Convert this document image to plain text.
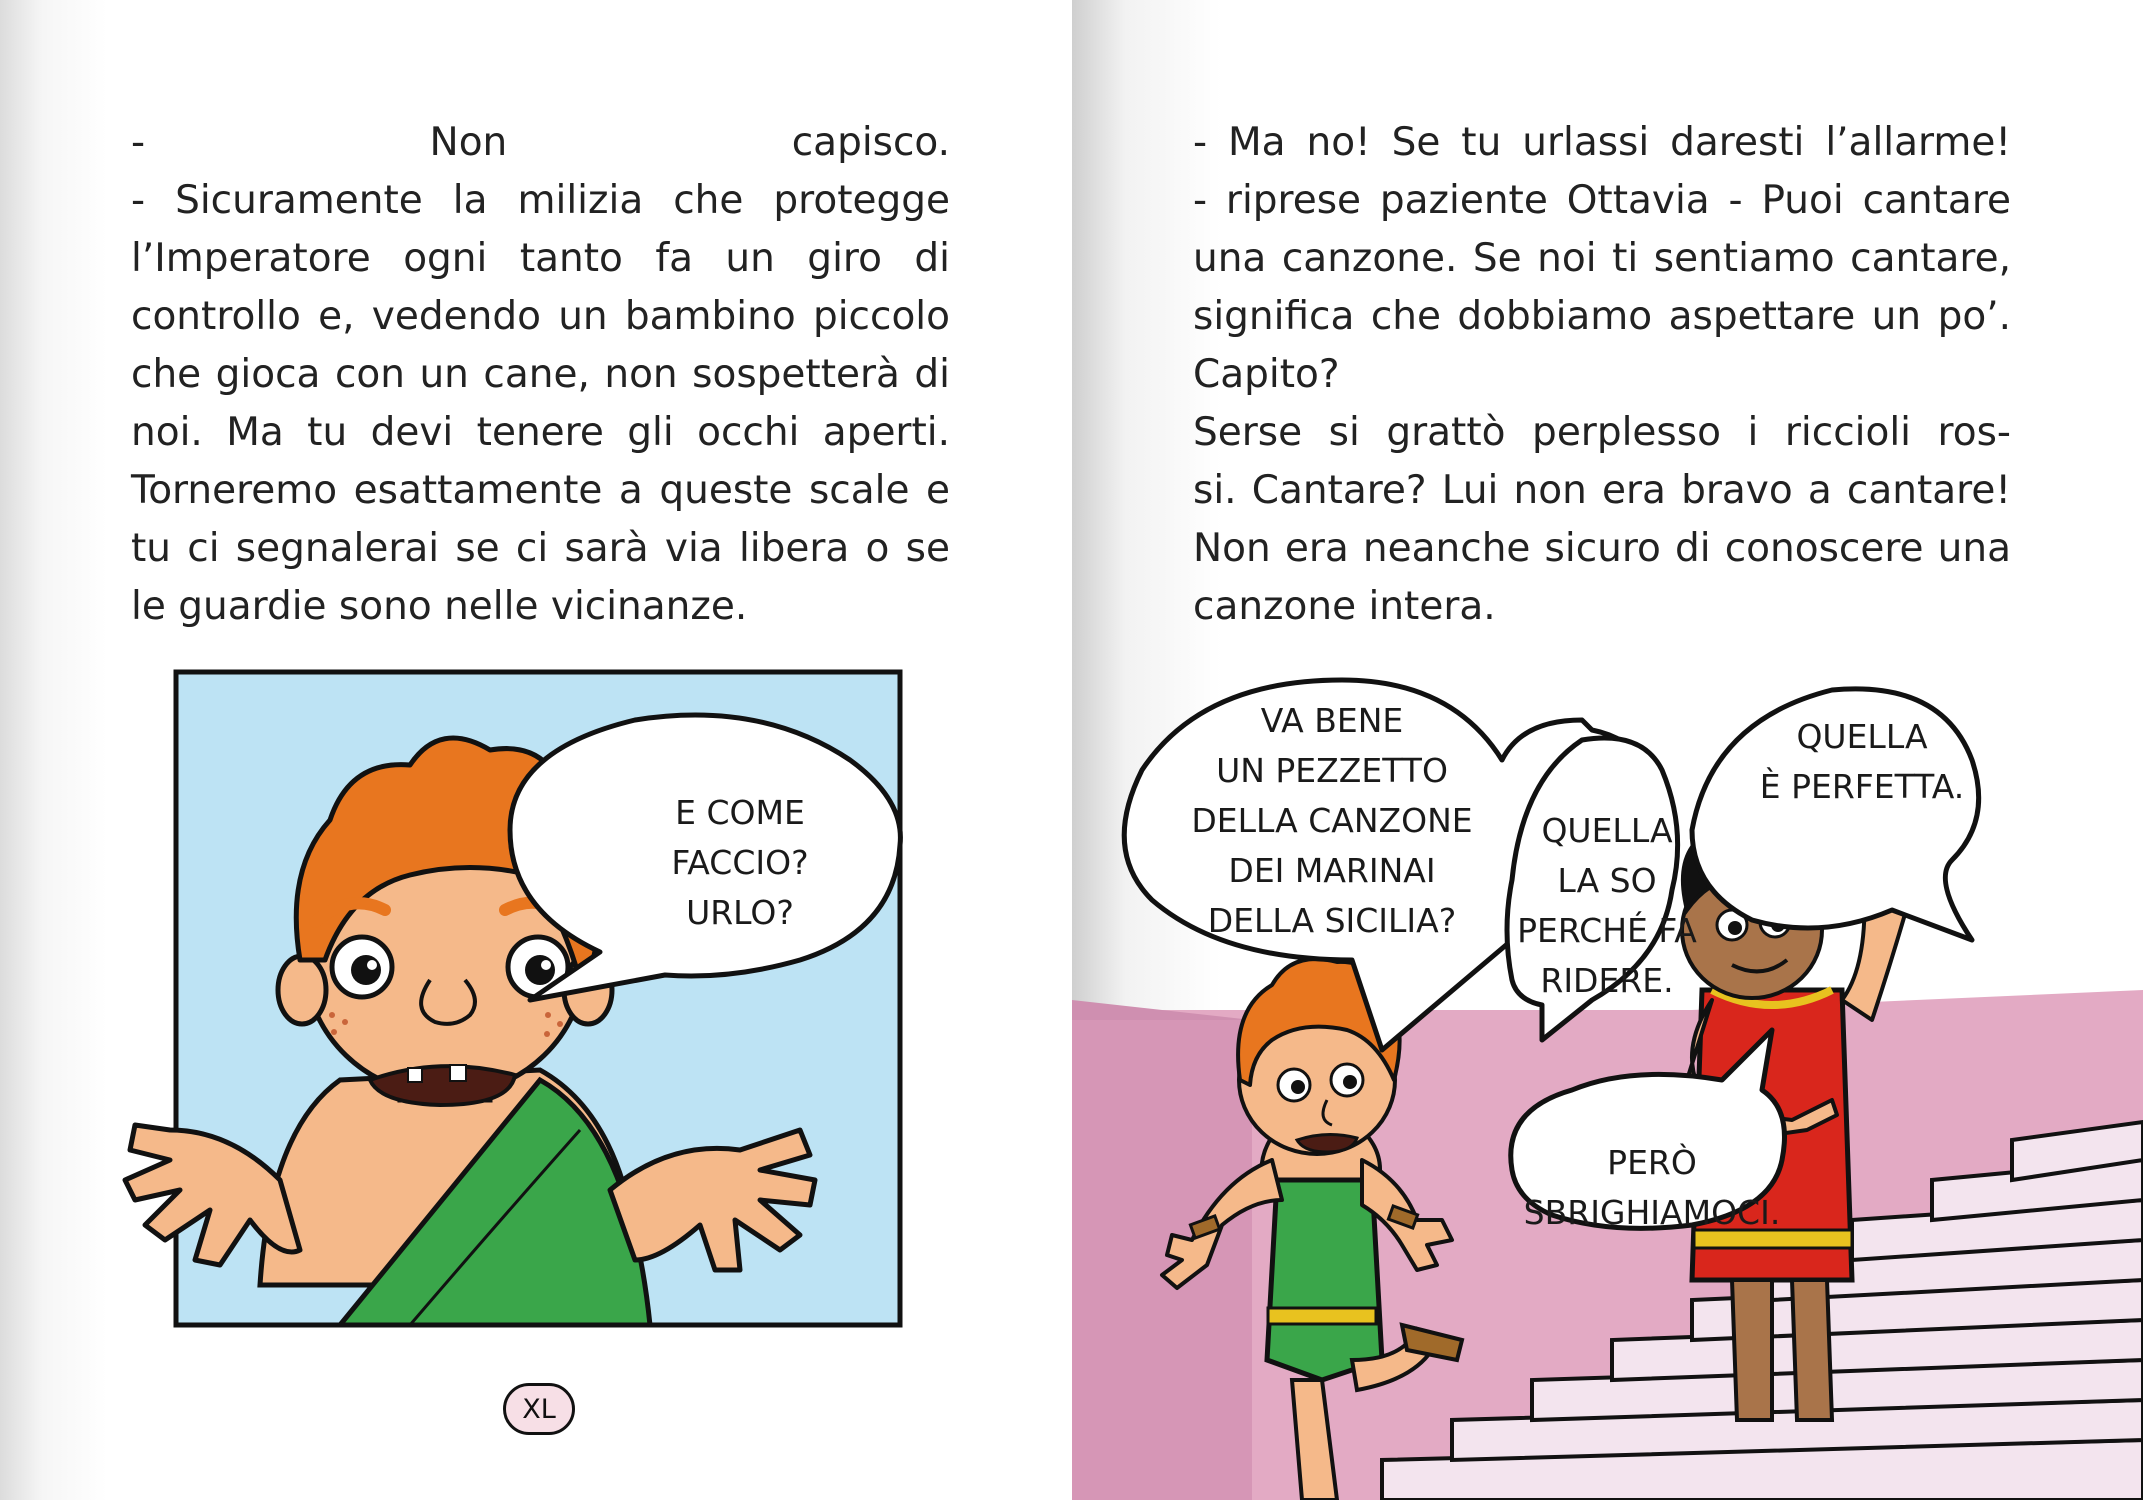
- Non capisco.
- Sicuramente la milizia che protegge
l’Imperatore ogni tanto fa un giro di
controllo e, vedendo un bambino piccolo
che gioca con un cane, non sospetterà di
noi. Ma tu devi tenere gli occhi aperti.
Torneremo esattamente a queste scale e
tu ci segnalerai se ci sarà via libera o se
le guardie sono nelle vicinanze.
E COME
FACCIO?
URLO?
XL
- Ma no! Se tu urlassi daresti l’allarme!
- riprese paziente Ottavia - Puoi cantare
una canzone. Se noi ti sentiamo cantare,
significa che dobbiamo aspettare un po’.
Capito?
Serse si grattò perplesso i riccioli ros-
si. Cantare? Lui non era bravo a cantare!
Non era neanche sicuro di conoscere una
canzone intera.
VA BENE
UN PEZZETTO
DELLA CANZONE
DEI MARINAI
DELLA SICILIA?
QUELLA
LA SO
PERCHÉ FA
RIDERE.
QUELLA
È PERFETTA.
PERÒ
SBRIGHIAMOCI.
